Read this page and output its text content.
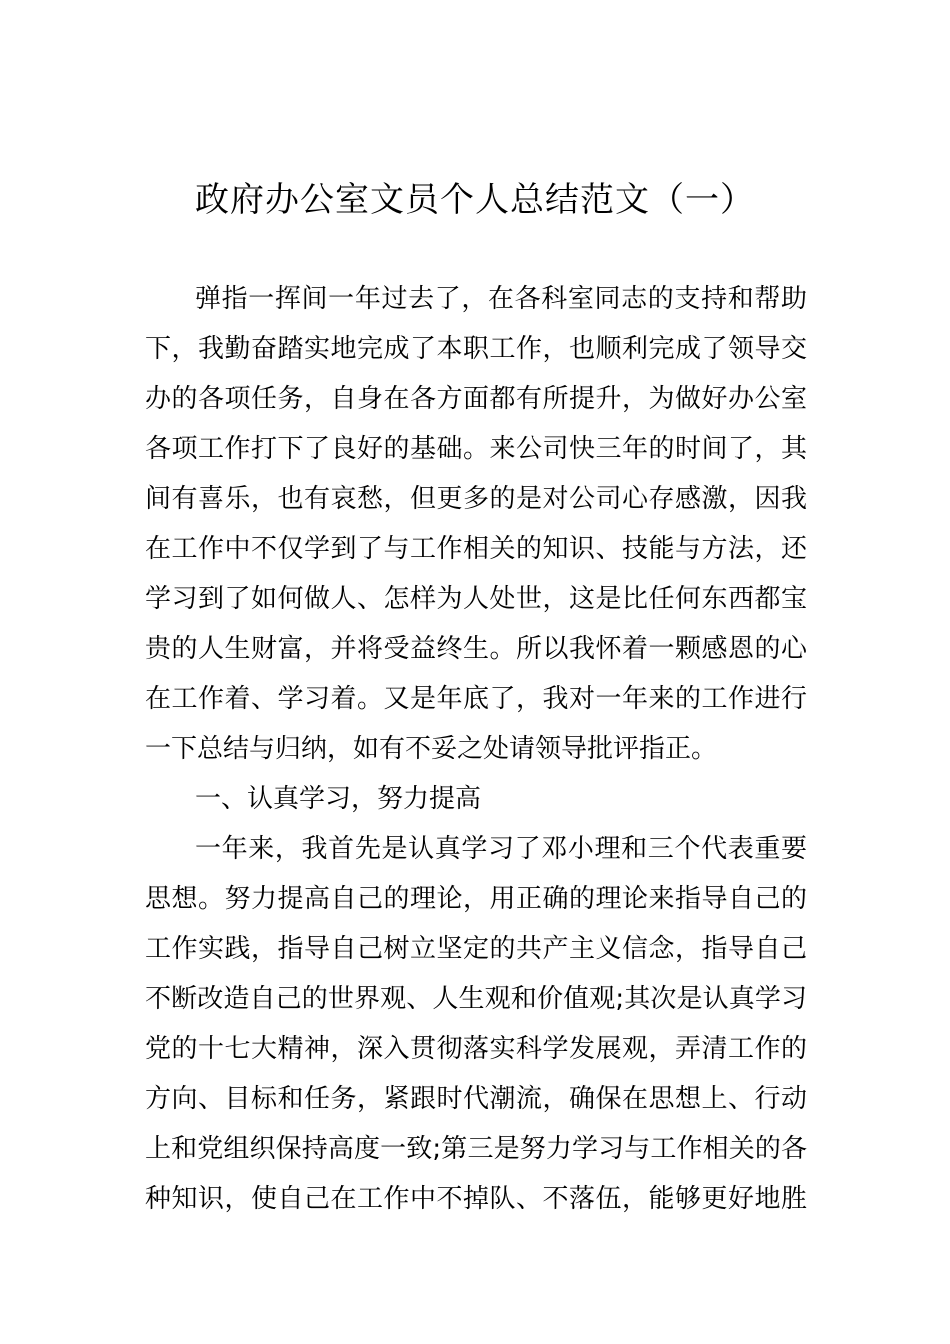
政府办公室文员个人总结范文（一）

弹指一挥间一年过去了，在各科室同志的支持和帮助

下，我勤奋踏实地完成了本职工作，也顺利完成了领导交

办的各项任务，自身在各方面都有所提升，为做好办公室

各项工作打下了良好的基础。来公司快三年的时间了，其

间有喜乐，也有哀愁，但更多的是对公司心存感激，因我

在工作中不仅学到了与工作相关的知识、技能与方法，还

学习到了如何做人、怎样为人处世，这是比任何东西都宝

贵的人生财富，并将受益终生。所以我怀着一颗感恩的心

在工作着、学习着。又是年底了，我对一年来的工作进行

一下总结与归纳，如有不妥之处请领导批评指正。

一、认真学习，努力提高

一年来，我首先是认真学习了邓小理和三个代表重要

思想。努力提高自己的理论，用正确的理论来指导自己的

工作实践，指导自己树立坚定的共产主义信念，指导自己

不断改造自己的世界观、人生观和价值观;其次是认真学习

党的十七大精神，深入贯彻落实科学发展观，弄清工作的

方向、目标和任务，紧跟时代潮流，确保在思想上、行动

上和党组织保持高度一致;第三是努力学习与工作相关的各

种知识，使自己在工作中不掉队、不落伍，能够更好地胜
